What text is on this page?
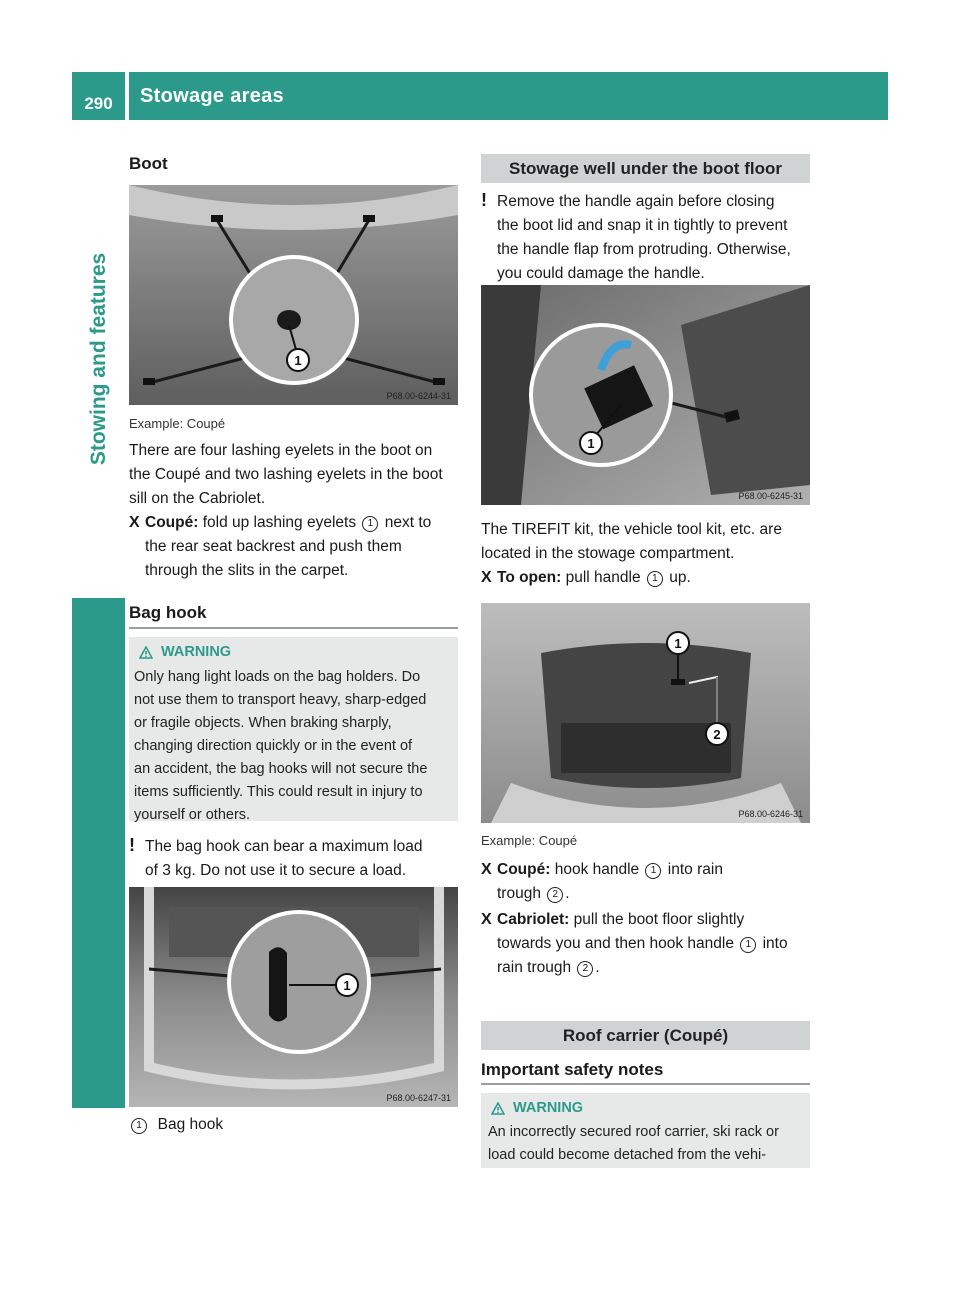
290	Stowage areas
Stowing and features
Boot
1
P68.00-6244-31
Example: Coupé
There are four lashing eyelets in the boot on
the Coupé and two lashing eyelets in the boot
sill on the Cabriolet.
X Coupé: fold up lashing eyelets 1 next to
the rear seat backrest and push them
through the slits in the carpet.
Bag hook
WARNING
Only hang light loads on the bag holders. Do
not use them to transport heavy, sharp-edged
or fragile objects. When braking sharply,
changing direction quickly or in the event of
an accident, the bag hooks will not secure the
items sufficiently. This could result in injury to
yourself or others.
! The bag hook can bear a maximum load
of 3 kg. Do not use it to secure a load.
1
P68.00-6247-31
1 Bag hook
Stowage well under the boot floor
! Remove the handle again before closing
the boot lid and snap it in tightly to prevent
the handle flap from protruding. Otherwise,
you could damage the handle.
1
P68.00-6245-31
The TIREFIT kit, the vehicle tool kit, etc. are
located in the stowage compartment.
X To open: pull handle 1 up.
1
2
P68.00-6246-31
Example: Coupé
X Coupé: hook handle 1 into rain
trough 2 .
X Cabriolet: pull the boot floor slightly
towards you and then hook handle 1 into
rain trough 2 .
Roof carrier (Coupé)
Important safety notes
WARNING
An incorrectly secured roof carrier, ski rack or
load could become detached from the vehi-
